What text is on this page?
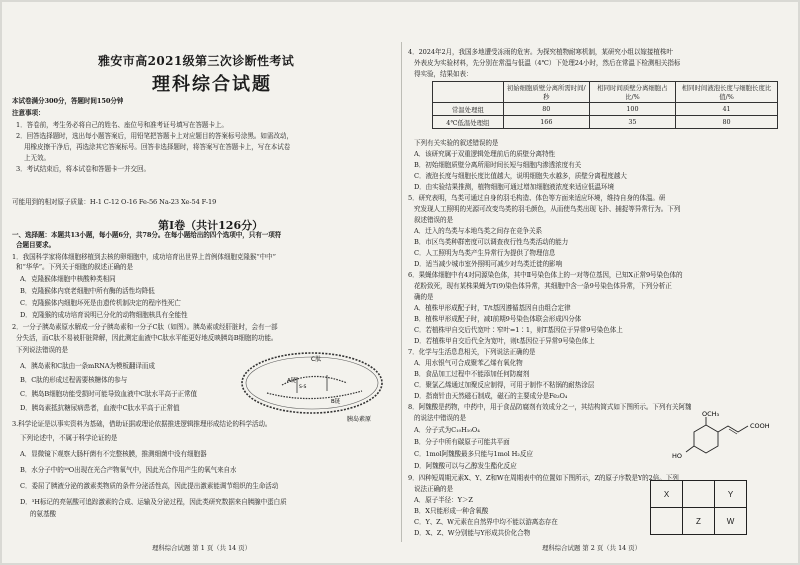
雅安市高2021级第三次诊断性考试
理科综合试题
本试卷满分300分，答题时间150分钟
注意事项：
1．答卷前，考生务必将自己的姓名、座位号和准考证号填写在答题卡上。
2．回答选择题时，选出每小题答案后，用铅笔把答题卡上对应题目的答案标号涂黑。如需改动，
用橡皮擦干净后，再选涂其它答案标号。回答非选择题时，将答案写在答题卡上，写在本试卷
上无效。
3．考试结束后，将本试卷和答题卡一并交回。
可能用到的相对原子质量：H-1 C-12 O-16 Fe-56 Na-23 Xe-54 F-19
第Ⅰ卷（共计126分）
一、选择题：本题共13小题，每小题6分，共78分。在每小题给出的四个选项中，只有一项符
合题目要求。
1．我国科学家将体细胞移植到去核的卵细胞中，成功培育出世界上首例体细胞克隆猴“中中”
和“华华”。下列关于细胞的叙述正确的是
A．克隆猴体细胞中核酸种类相同
B．克隆猴体内衰老细胞中所有酶的活性均降低
C．克隆猴体内细胞坏死是由遗传机制决定的程序性死亡
D．克隆猴的成功培育说明已分化的动物细胞核具有全能性
2．一分子胰岛素原水解成一分子胰岛素和一分子C肽（如图）。胰岛素或经肝脏时，会有一部
分失活，而C肽不易被肝脏降解，因此测定血液中C肽水平能更好地反映胰岛B细胞的功能。
下列说法错误的是
A．胰岛素和C肽由一条mRNA为模板翻译而成
B．C肽的形成过程需要核糖体的参与
C．胰岛B细胞功能受损时可能导致血液中C肽水平高于正常值
D．胰岛素抵抗糖尿病患者，血液中C肽水平高于正常值
C肽
A链
B链
S-S
胰岛素原
3.科学论证是以事实资料为基础，借助证据或理论依据推进逻辑推理形成结论的科学活动。
下列论述中，不属于科学论证的是
A．显微镜下观察大肠杆菌有不完整核膜，推测细菌中没有细胞器
B．水分子中的¹⁸O出现在光合产物氧气中，因此光合作用产生的氧气来自水
C．委屈了胰液分泌的激素类物质的条件分泌活性高，因此提出激素能调节组织的生命活动
D．³H标记的亮氨酸可追踪激素的合成、运输及分泌过程，因此类研究数据来自胰腺中蛋白质
的氨基酸
理科综合试题 第 1 页（共 14 页）
4．2024年2月，我国多地遭受冻雨的危害。为探究植物耐寒机制，某研究小组以嫁接植株叶
外表皮为实验材料，先分别在常温与低温（4℃）下处理24小时，然后在常温下检测相关指标
得实验，结果如表：
	初始细胞质壁分离所需时间/秒	相同时间质壁分离细胞占比/%	相同时间液泡长度与细胞长度比值/%
常温处理组	80	100	41
4℃低温处理组	166	35	80
下列有关实验的叙述错误的是
A．该研究属于双重逻辑处理前后的质壁分离特性
B．初始细胞质壁分离所需时间长短与细胞内渗透浓度有关
C．液泡长度与细胞长度比值越大，说明细胞失水越多，质壁分离程度越大
D．由实验结果推测，植物细胞可通过增加细胞液浓度来适应低温环境
5．研究表明，鸟类可通过自身的羽毛构造、体色等方面来适应环境，维持自身的体温。研
究发现人工照明的光源可改变鸟类的羽毛颜色，从而使鸟类出现飞扑、捕捉等异常行为。下列
叙述错误的是
A．迁入的鸟类与本地鸟类之间存在竞争关系
B．市区鸟类种群密度可以调查夜行性鸟类活动的能力
C．人工照明为鸟类产生异常行为提供了物理信息
D．适当减少城市室外照明可减少对鸟类迁徙的影响
6．果蝇体细胞中有4对同源染色体，其中Ⅱ号染色体上的一对等位基因，已知X正常9号染色体的
花粉致死，现有某株果蝇为T(9)染色体异常，其细胞中含一条9号染色体异常，下列分析正
确的是
A．植株甲形成配子时，T/t基因遵循基因自由组合定律
B．植株甲形成配子时，减Ⅰ前期9号染色体联会形成四分体
C．若植株甲自交后代宽叶∶窄叶=1∶1，则T基因位于异常9号染色体上
D．若植株甲自交后代全为宽叶，则t基因位于异常9号染色体上
7．化学与生活息息相关，下列说法正确的是
A．用水银气可合成聚苯乙烯有氧化物
B．食品加工过程中不能添加任何防腐剂
C．聚氯乙烯通过加聚反应制得，可用于制作不粘锅的耐热涂层
D．指南针由天然磁石制成，磁石的主要成分是Fe₃O₄
8．阿魏酸是药物，中药中，用于食品防腐剂有效成分之一，其结构简式如下图所示。下列有关阿魏
的说法中错误的是
A．分子式为C₁₀H₁₀O₄
B．分子中所有碳原子可能共平面
C．1mol阿魏酸最多只能与1mol H₂反应
D．阿魏酸可以与乙醇发生酯化反应
OCH₃
HO
COOH
9．四种短周期元素X、Y、Z和W在周期表中的位置如下图所示，Z的原子序数是Y的2倍。下列
说法正确的是
A．原子半径：Y＞Z
B．X只能形成一种含氧酸
C．Y、Z、W元素在自然界中均不能以游离态存在
D．X、Z、W分别能与Y形成共价化合物
X		Y
	Z	W
理科综合试题 第 2 页（共 14 页）
